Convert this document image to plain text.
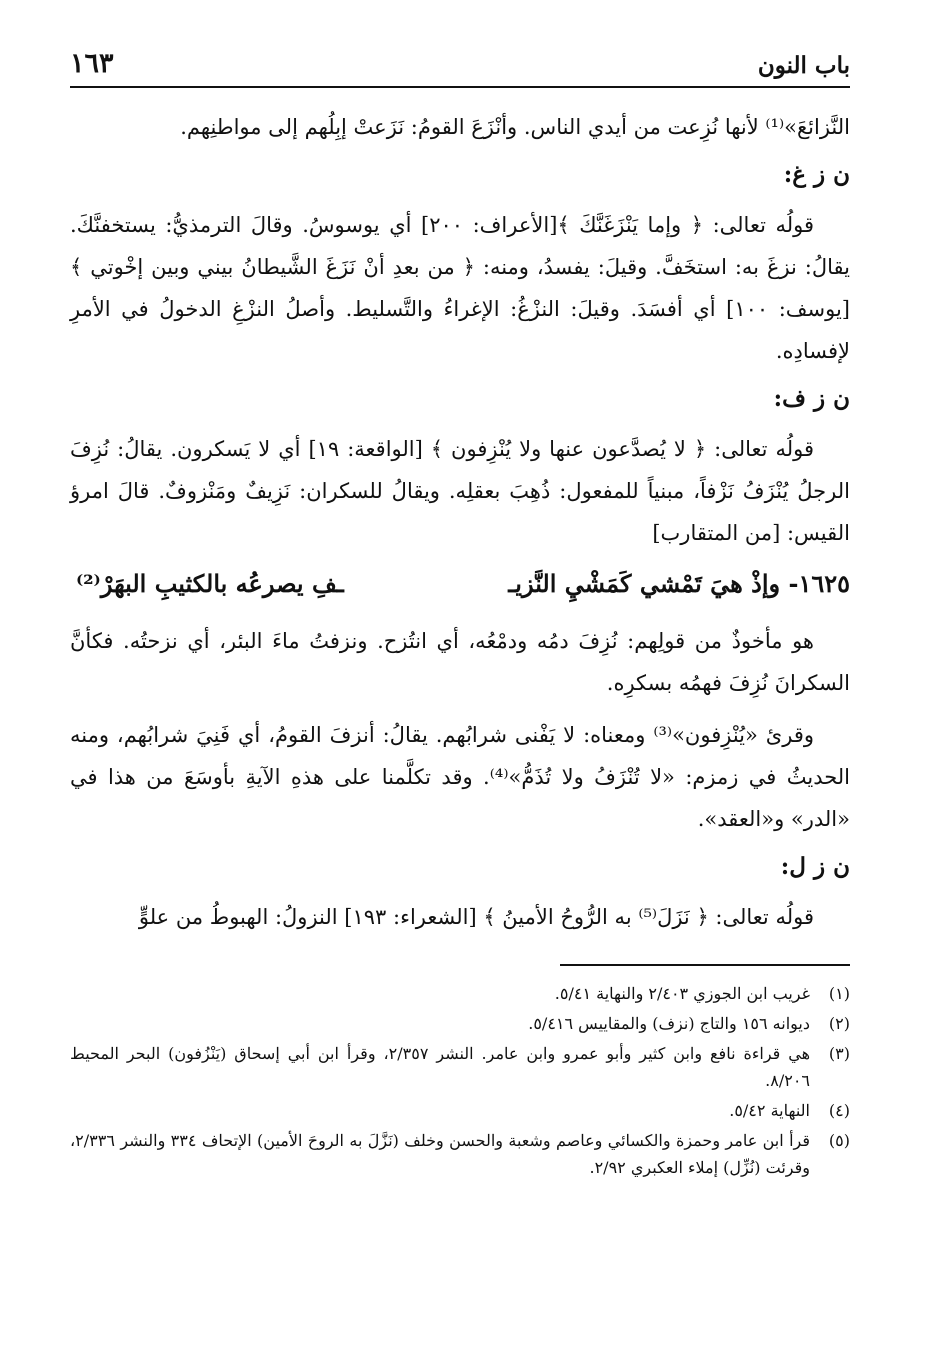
باب النون
١٦٣

النَّزائعَ»⁽¹⁾ لأنها نُزِعت من أيدي الناس. وأنْزَعَ القومُ: نَزَعتْ إبِلُهم إلى مواطنِهم.

ن ز غ:

قولُه تعالى: ﴿ وإما يَنْزَغَنَّكَ ﴾[الأعراف: ٢٠٠] أي يوسوسُ. وقالَ الترمذيُّ: يستخفنَّكَ. يقالُ: نزغَ به: استخَفَّ. وقيلَ: يفسدُ، ومنه: ﴿ من بعدِ أنْ نَزَغَ الشَّيطانُ بيني وبين إخْوتي ﴾ [يوسف: ١٠٠] أي أفسَدَ. وقيلَ: النزْغُ: الإغراءُ والتَّسليط. وأصلُ النزْغِ الدخولُ في الأمرِ لإفسادِه.

ن ز ف:

قولُه تعالى: ﴿ لا يُصدَّعون عنها ولا يُنْزِفون ﴾ [الواقعة: ١٩] أي لا يَسكرون. يقالُ: نُزِفَ الرجلُ يُنْزَفُ نَزْفاً، مبنياً للمفعول: ذُهِبَ بعقلِه. ويقالُ للسكران: نَزِيفٌ ومَنْزوفٌ. قالَ امرؤ القيس: [من المتقارب]

١٦٢٥- وإذْ هيَ تَمْشي كَمَشْيِ النَّزيـ
ـفِ يصرعُه بالكثيبِ البهَرْ⁽²⁾

هو مأخوذٌ من قولِهم: نُزِفَ دمُه ودمْعُه، أي انتُزح. ونزفتُ ماءَ البئر، أي نزحتُه. فكأنَّ السكرانَ نُزِفَ فهمُه بسكرِه.

وقرئ «يُنْزِفون»⁽³⁾ ومعناه: لا يَفْنى شرابُهم. يقالُ: أنزفَ القومُ، أي فَنِيَ شرابُهم، ومنه الحديثُ في زمزم: «لا تُنْزَفُ ولا تُذَمُّ»⁽⁴⁾. وقد تكلَّمنا على هذهِ الآيةِ بأوسَعَ من هذا في «الدر» و«العقد».

ن ز ل:

قولُه تعالى: ﴿ نَزَلَ⁽⁵⁾ به الرُّوحُ الأمينُ ﴾ [الشعراء: ١٩٣] النزولُ: الهبوطُ من علوٍّ

(١)
غريب ابن الجوزي ٢/٤٠٣ والنهاية ٥/٤١.
(٢)
ديوانه ١٥٦ والتاج (نزف) والمقاييس ٥/٤١٦.
(٣)
هي قراءة نافع وابن كثير وأبو عمرو وابن عامر. النشر ٢/٣٥٧، وقرأ ابن أبي إسحاق (يَنْزُفون) البحر المحيط ٨/٢٠٦.
(٤)
النهاية ٥/٤٢.
(٥)
قرأ ابن عامر وحمزة والكسائي وعاصم وشعبة والحسن وخلف (نَزَّلَ به الروحَ الأمين) الإتحاف ٣٣٤ والنشر ٢/٣٣٦، وقرئت (نُزِّل) إملاء العكبري ٢/٩٢.
